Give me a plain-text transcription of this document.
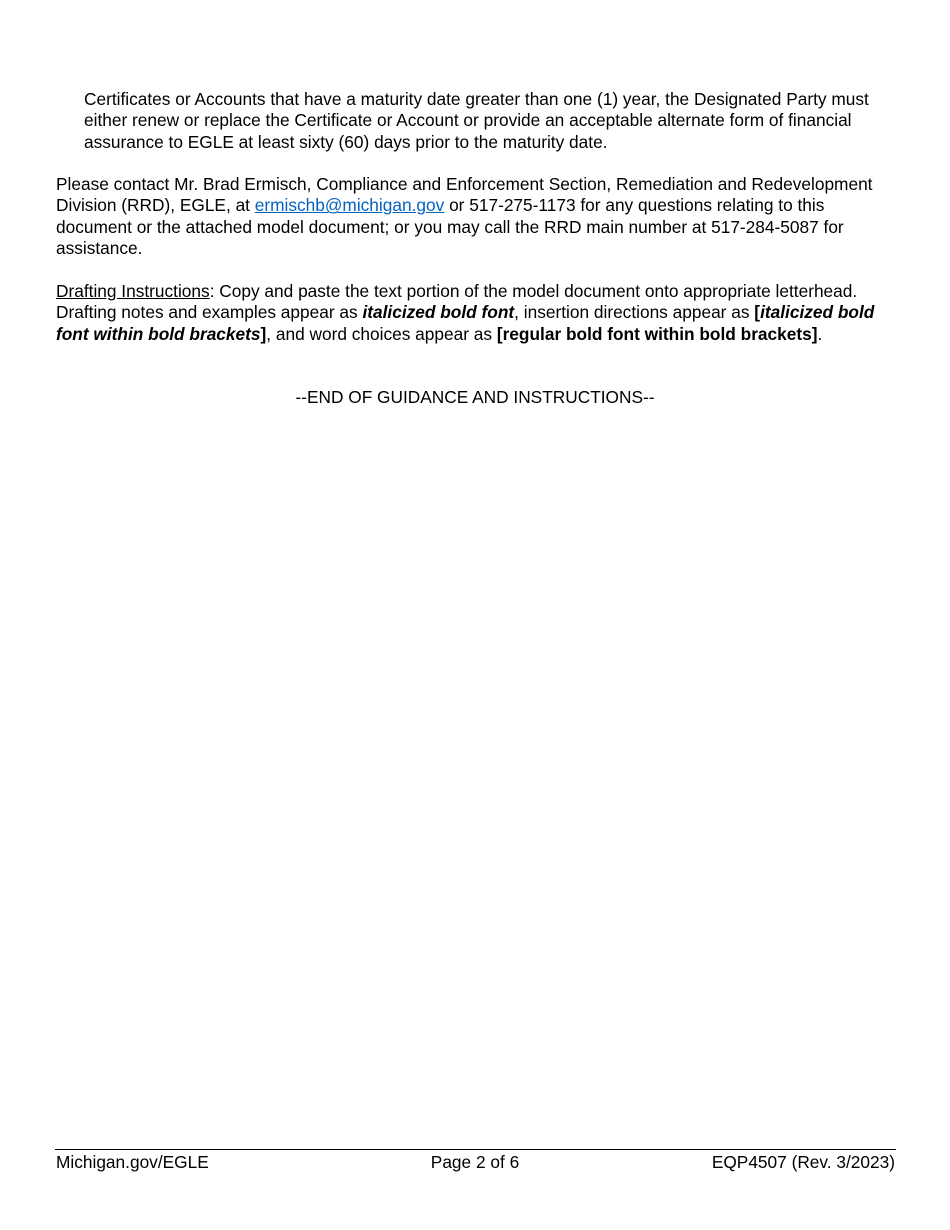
Certificates or Accounts that have a maturity date greater than one (1) year, the Designated Party must either renew or replace the Certificate or Account or provide an acceptable alternate form of financial assurance to EGLE at least sixty (60) days prior to the maturity date.

Please contact Mr. Brad Ermisch, Compliance and Enforcement Section, Remediation and Redevelopment Division (RRD), EGLE, at ermischb@michigan.gov or 517-275-1173 for any questions relating to this document or the attached model document; or you may call the RRD main number at 517-284-5087 for assistance.

Drafting Instructions: Copy and paste the text portion of the model document onto appropriate letterhead. Drafting notes and examples appear as italicized bold font, insertion directions appear as [italicized bold font within bold brackets], and word choices appear as [regular bold font within bold brackets].

--END OF GUIDANCE AND INSTRUCTIONS--

Michigan.gov/EGLE	Page 2 of 6	EQP4507 (Rev. 3/2023)
